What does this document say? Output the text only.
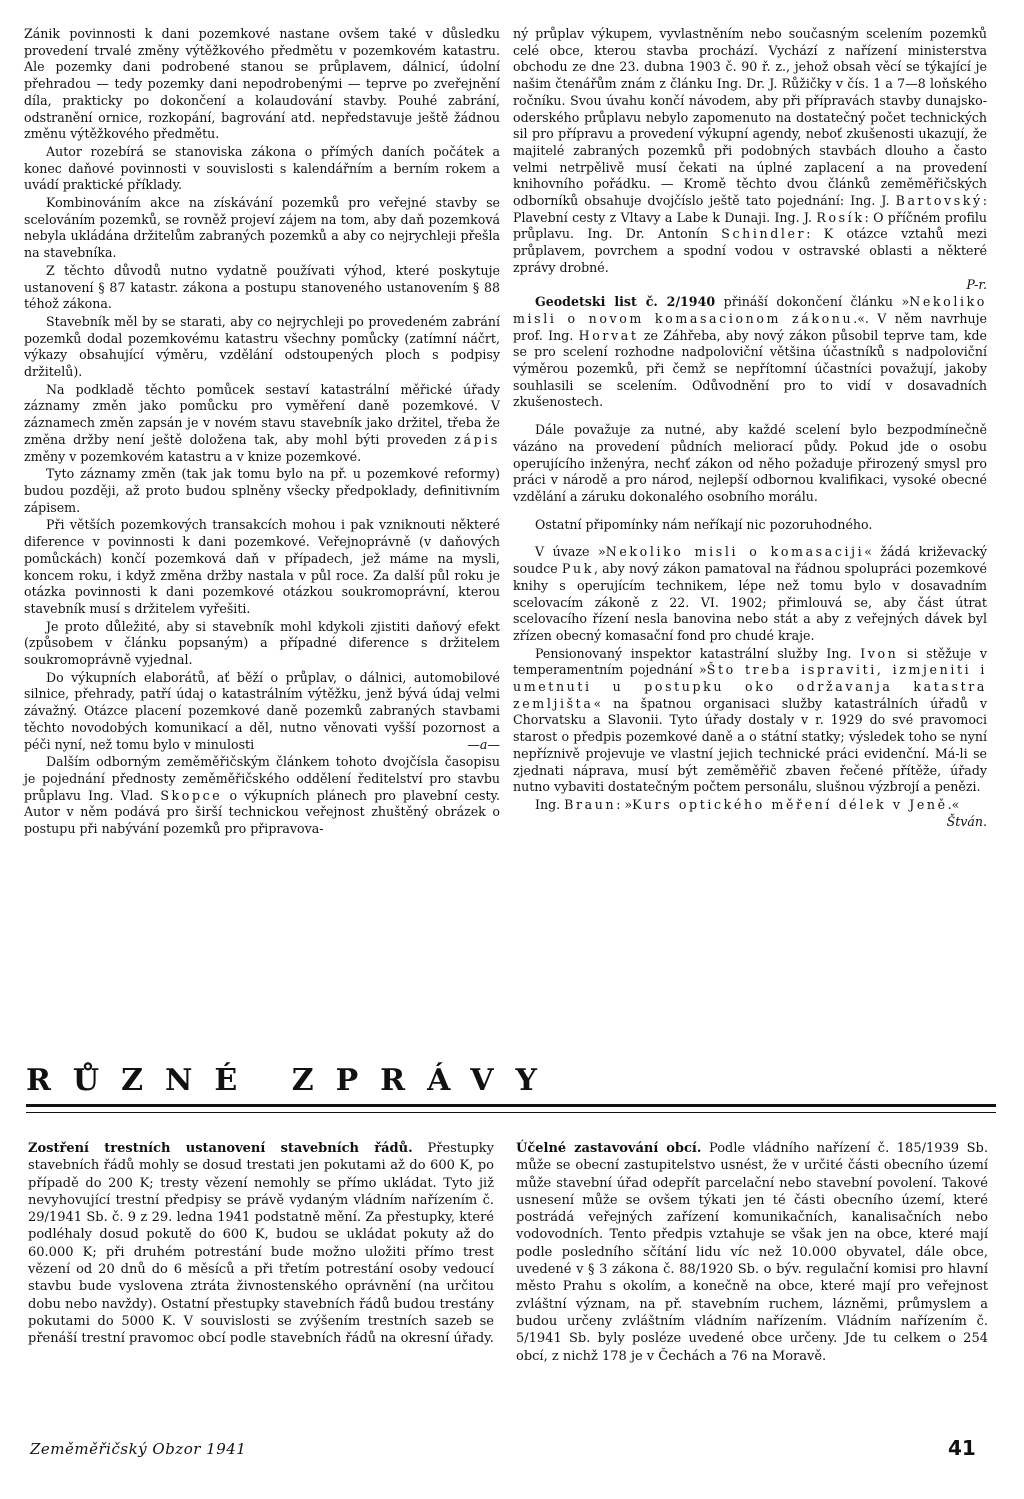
Zánik povinnosti k dani pozemkové nastane ovšem také v důsledku provedení trvalé změny výtěžkového předmětu v pozemkovém katastru. Ale pozemky dani podrobené stanou se průplavem, dálnicí, údolní přehradou — tedy pozemky dani nepodrobenými — teprve po zveřejnění díla, prakticky po dokončení a kolaudování stavby. Pouhé zabrání, odstranění ornice, rozkopání, bagrování atd. nepředstavuje ještě žádnou změnu výtěžkového předmětu.

Autor rozebírá se stanoviska zákona o přímých daních počátek a konec daňové povinnosti v souvislosti s kalendářním a berním rokem a uvádí praktické příklady.

Kombinováním akce na získávání pozemků pro veřejné stavby se scelováním pozemků, se rovněž projeví zájem na tom, aby daň pozemková nebyla ukládána držitelům zabraných pozemků a aby co nejrychleji přešla na stavebníka.

Z těchto důvodů nutno vydatně používati výhod, které poskytuje ustanovení § 87 katastr. zákona a postupu stanoveného ustanovením § 88 téhož zákona.

Stavebník měl by se starati, aby co nejrychleji po provedeném zabrání pozemků dodal pozemkovému katastru všechny pomůcky (zatímní náčrt, výkazy obsahující výměru, vzdělání odstoupených ploch s podpisy držitelů).

Na podkladě těchto pomůcek sestaví katastrální měřické úřady záznamy změn jako pomůcku pro vyměření daně pozemkové. V záznamech změn zapsán je v novém stavu stavebník jako držitel, třeba že změna držby není ještě doložena tak, aby mohl býti proveden zápis změny v pozemkovém katastru a v knize pozemkové.

Tyto záznamy změn (tak jak tomu bylo na př. u pozemkové reformy) budou později, až proto budou splněny všecky předpoklady, definitivním zápisem.

Při větších pozemkových transakcích mohou i pak vzniknouti některé diference v povinnosti k dani pozemkové. Veřejnoprávně (v daňových pomůckách) končí pozemková daň v případech, jež máme na mysli, koncem roku, i když změna držby nastala v půl roce. Za další půl roku je otázka povinnosti k dani pozemkové otázkou soukromoprávní, kterou stavebník musí s držitelem vyřešiti.

Je proto důležité, aby si stavebník mohl kdykoli zjistiti daňový efekt (způsobem v článku popsaným) a případné diference s držitelem soukromoprávně vyjednal.

Do výkupních elaborátů, ať běží o průplav, o dálnici, automobilové silnice, přehrady, patří údaj o katastrálním výtěžku, jenž bývá údaj velmi závažný. Otázce placení pozemkové daně pozemků zabraných stavbami těchto novodobých komunikací a děl, nutno věnovati vyšší pozornost a péči nyní, než tomu bylo v minulosti	—a—

Dalším odborným zeměměřičským článkem tohoto dvojčísla časopisu je pojednání přednosty zeměměřičského oddělení ředitelství pro stavbu průplavu Ing. Vlad. Skopce o výkupních plánech pro plavební cesty. Autor v něm podává pro širší technickou veřejnost zhuštěný obrázek o postupu při nabývání pozemků pro připravova-

ný průplav výkupem, vyvlastněním nebo současným scelením pozemků celé obce, kterou stavba prochází. Vychází z nařízení ministerstva obchodu ze dne 23. dubna 1903 č. 90 ř. z., jehož obsah věcí se týkající je našim čtenářům znám z článku Ing. Dr. J. Růžičky v čís. 1 a 7—8 loňského ročníku. Svou úvahu končí návodem, aby při přípravách stavby dunajsko-oderského průplavu nebylo zapomenuto na dostatečný počet technických sil pro přípravu a provedení výkupní agendy, neboť zkušenosti ukazují, že majitelé zabraných pozemků při podobných stavbách dlouho a často velmi netrpělivě musí čekati na úplné zaplacení a na provedení knihovního pořádku. — Kromě těchto dvou článků zeměměřičských odborníků obsahuje dvojčíslo ještě tato pojednání: Ing. J. Bartovský: Plavební cesty z Vltavy a Labe k Dunaji. Ing. J. Rosík: O příčném profilu průplavu. Ing. Dr. Antonín Schindler: K otázce vztahů mezi průplavem, povrchem a spodní vodou v ostravské oblasti a některé zprávy drobné.
P-r.

Geodetski list č. 2/1940 přináší dokončení článku »Nekoliko misli o novom komasacionom zákonu.«. V něm navrhuje prof. Ing. Horvat ze Záhřeba, aby nový zákon působil teprve tam, kde se pro scelení rozhodne nadpoloviční většina účastníků s nadpoloviční výměrou pozemků, při čemž se nepřítomní účastníci považují, jakoby souhlasili se scelením. Odůvodnění pro to vidí v dosavadních zkušenostech.

Dále považuje za nutné, aby každé scelení bylo bezpodmínečně vázáno na provedení půdních meliorací půdy. Pokud jde o osobu operujícího inženýra, nechť zákon od něho požaduje přirozený smysl pro práci v národě a pro národ, nejlepší odbornou kvalifikaci, vysoké obecné vzdělání a záruku dokonalého osobního morálu.

Ostatní připomínky nám neříkají nic pozoruhodného.

V úvaze »Nekoliko misli o komasaciji« žádá križevacký soudce Puk, aby nový zákon pamatoval na řádnou spolupráci pozemkové knihy s operujícím technikem, lépe než tomu bylo v dosavadním scelovacím zákoně z 22. VI. 1902; přimlouvá se, aby část útrat scelovacího řízení nesla banovina nebo stát a aby z veřejných dávek byl zřízen obecný komasační fond pro chudé kraje.

Pensionovaný inspektor katastrální služby Ing. Ivon si stěžuje v temperamentním pojednání »Što treba ispraviti, izmjeniti i umetnuti u postupku oko održavanja katastra zemljišta« na špatnou organisaci služby katastrálních úřadů v Chorvatsku a Slavonii. Tyto úřady dostaly v r. 1929 do své pravomoci starost o předpis pozemkové daně a o státní statky; výsledek toho se nyní nepříznivě projevuje ve vlastní jejich technické práci evidenční. Má-li se zjednati náprava, musí být zeměměřič zbaven řečené přítěže, úřady nutno vybaviti dostatečným počtem personálu, slušnou výzbrojí a penězi.

Ing. Braun: »Kurs optického měření délek v Jeně.«
Štván.

RŮZNÉ ZPRÁVY

Zostření trestních ustanovení stavebních řádů. Přestupky stavebních řádů mohly se dosud trestati jen pokutami až do 600 K, po případě do 200 K; tresty vězení nemohly se přímo ukládat. Tyto již nevyhovující trestní předpisy se právě vydaným vládním nařízením č. 29/1941 Sb. č. 9 z 29. ledna 1941 podstatně mění. Za přestupky, které podléhaly dosud pokutě do 600 K, budou se ukládat pokuty až do 60.000 K; při druhém potrestání bude možno uložiti přímo trest vězení od 20 dnů do 6 měsíců a při třetím potrestání osoby vedoucí stavbu bude vyslovena ztráta živnostenského oprávnění (na určitou dobu nebo navždy). Ostatní přestupky stavebních řádů budou trestány pokutami do 5000 K. V souvislosti se zvýšením trestních sazeb se přenáší trestní pravomoc obcí podle stavebních řádů na okresní úřady.

Účelné zastavování obcí. Podle vládního nařízení č. 185/1939 Sb. může se obecní zastupitelstvo usnést, že v určité části obecního území může stavební úřad odepřít parcelační nebo stavební povolení. Takové usnesení může se ovšem týkati jen té části obecního území, které postrádá veřejných zařízení komunikačních, kanalisačních nebo vodovodních. Tento předpis vztahuje se však jen na obce, které mají podle posledního sčítání lidu víc než 10.000 obyvatel, dále obce, uvedené v § 3 zákona č. 88/1920 Sb. o býv. regulační komisi pro hlavní město Prahu s okolím, a konečně na obce, které mají pro veřejnost zvláštní význam, na př. stavebním ruchem, lázněmi, průmyslem a budou určeny zvláštním vládním nařízením. Vládním nařízením č. 5/1941 Sb. byly posléze uvedené obce určeny. Jde tu celkem o 254 obcí, z nichž 178 je v Čechách a 76 na Moravě.

Zeměměřičský Obzor 1941	41
